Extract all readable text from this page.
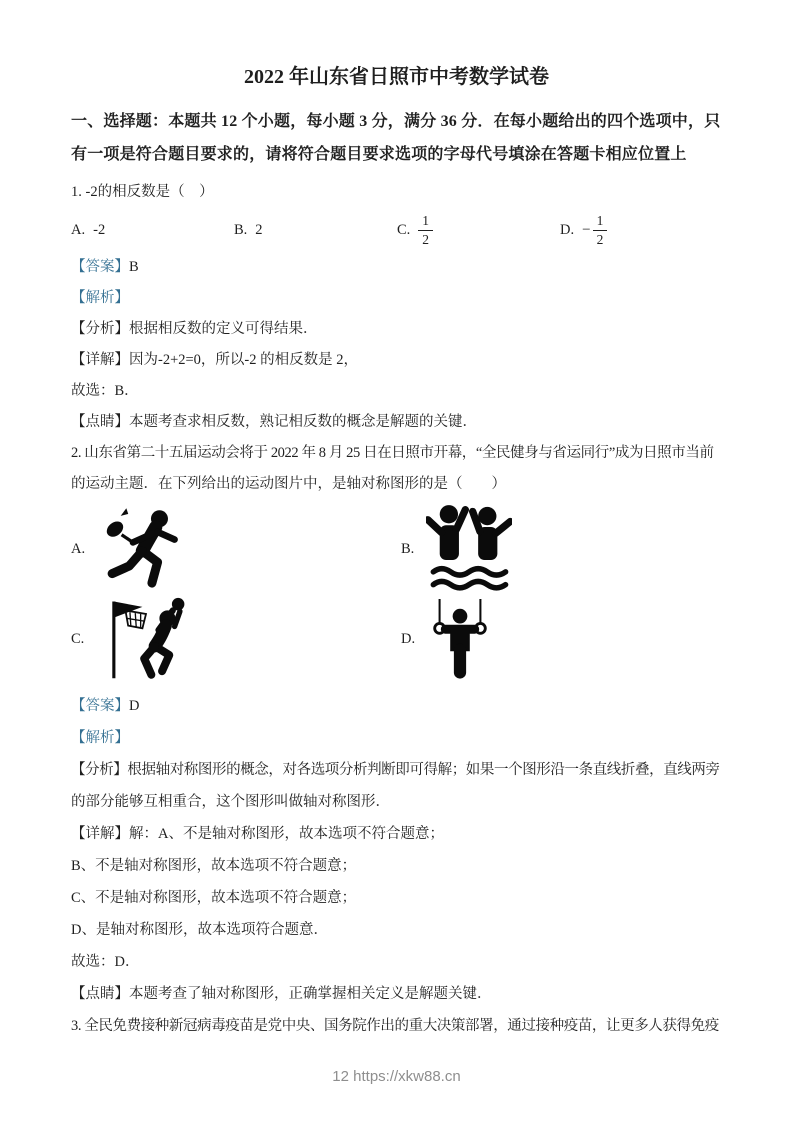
2022 年山东省日照市中考数学试卷
一、选择题：本题共 12 个小题，每小题 3 分，满分 36 分．在每小题给出的四个选项中，只
有一项是符合题目要求的，请将符合题目要求选项的字母代号填涂在答题卡相应位置上
1. -2的相反数是（　）
A. -2	B. 2	C. $\frac{1}{2}$	D. − $\frac{1}{2}$
【答案】B
【解析】
【分析】根据相反数的定义可得结果．
【详解】因为-2+2=0，所以-2 的相反数是 2，
故选：B．
【点睛】本题考查求相反数，熟记相反数的概念是解题的关键．
2. 山东省第二十五届运动会将于 2022 年 8 月 25 日在日照市开幕，“全民健身与省运同行”成为日照市当前
的运动主题．在下列给出的运动图片中，是轴对称图形的是（　　）
A.	B.
C.	D.
【答案】D
【解析】
【分析】根据轴对称图形的概念，对各选项分析判断即可得解；如果一个图形沿一条直线折叠，直线两旁
的部分能够互相重合，这个图形叫做轴对称图形．
【详解】解：A、不是轴对称图形，故本选项不符合题意；
B、不是轴对称图形，故本选项不符合题意；
C、不是轴对称图形，故本选项不符合题意；
D、是轴对称图形，故本选项符合题意．
故选：D．
【点睛】本题考查了轴对称图形，正确掌握相关定义是解题关键．
3. 全民免费接种新冠病毒疫苗是党中央、国务院作出的重大决策部署，通过接种疫苗，让更多人获得免疫
12 https://xkw88.cn
